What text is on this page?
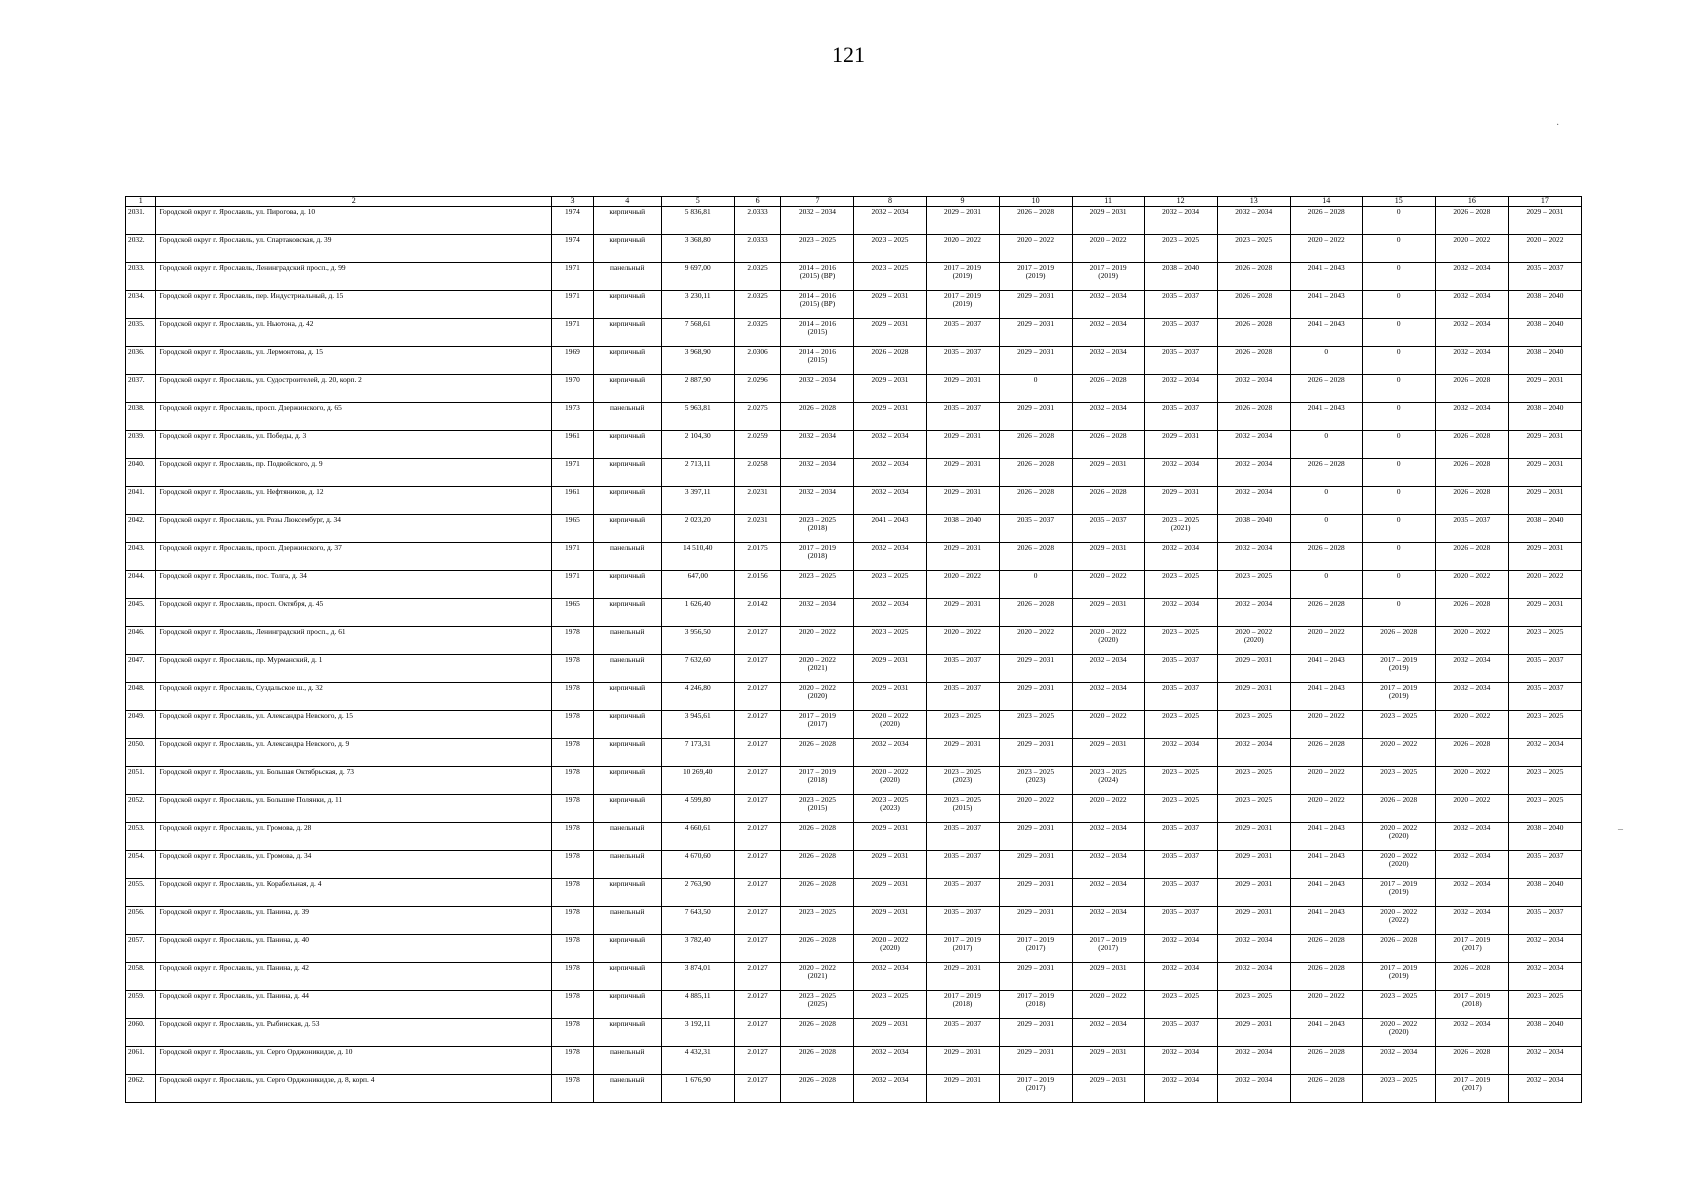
121
·
–
1	2	3	4	5	6	7	8	9	10	11	12	13	14	15	16	17

2031.	Городской округ г. Ярославль, ул. Пирогова, д. 10	1974	кирпичный	5 836,81	2.0333	2032 – 2034	2032 – 2034	2029 – 2031	2026 – 2028	2029 – 2031	2032 – 2034	2032 – 2034	2026 – 2028	0	2026 – 2028	2029 – 2031

2032.	Городской округ г. Ярославль, ул. Спартаковская, д. 39	1974	кирпичный	3 368,80	2.0333	2023 – 2025	2023 – 2025	2020 – 2022	2020 – 2022	2020 – 2022	2023 – 2025	2023 – 2025	2020 – 2022	0	2020 – 2022	2020 – 2022

2033.	Городской округ г. Ярославль, Ленинградский просп., д. 99	1971	панельный	9 697,00	2.0325	2014 – 2016
(2015) (ВР)	2023 – 2025	2017 – 2019
(2019)	2017 – 2019
(2019)	2017 – 2019
(2019)	2038 – 2040	2026 – 2028	2041 – 2043	0	2032 – 2034	2035 – 2037

2034.	Городской округ г. Ярославль, пер. Индустриальный, д. 15	1971	кирпичный	3 230,11	2.0325	2014 – 2016
(2015) (ВР)	2029 – 2031	2017 – 2019
(2019)	2029 – 2031	2032 – 2034	2035 – 2037	2026 – 2028	2041 – 2043	0	2032 – 2034	2038 – 2040

2035.	Городской округ г. Ярославль, ул. Ньютона, д. 42	1971	кирпичный	7 568,61	2.0325	2014 – 2016
(2015)	2029 – 2031	2035 – 2037	2029 – 2031	2032 – 2034	2035 – 2037	2026 – 2028	2041 – 2043	0	2032 – 2034	2038 – 2040

2036.	Городской округ г. Ярославль, ул. Лермонтова, д. 15	1969	кирпичный	3 968,90	2.0306	2014 – 2016
(2015)	2026 – 2028	2035 – 2037	2029 – 2031	2032 – 2034	2035 – 2037	2026 – 2028	0	0	2032 – 2034	2038 – 2040

2037.	Городской округ г. Ярославль, ул. Судостроителей, д. 20, корп. 2	1970	кирпичный	2 887,90	2.0296	2032 – 2034	2029 – 2031	2029 – 2031	0	2026 – 2028	2032 – 2034	2032 – 2034	2026 – 2028	0	2026 – 2028	2029 – 2031

2038.	Городской округ г. Ярославль, просп. Дзержинского, д. 65	1973	панельный	5 963,81	2.0275	2026 – 2028	2029 – 2031	2035 – 2037	2029 – 2031	2032 – 2034	2035 – 2037	2026 – 2028	2041 – 2043	0	2032 – 2034	2038 – 2040

2039.	Городской округ г. Ярославль, ул. Победы, д. 3	1961	кирпичный	2 104,30	2.0259	2032 – 2034	2032 – 2034	2029 – 2031	2026 – 2028	2026 – 2028	2029 – 2031	2032 – 2034	0	0	2026 – 2028	2029 – 2031

2040.	Городской округ г. Ярославль, пр. Подвойского, д. 9	1971	кирпичный	2 713,11	2.0258	2032 – 2034	2032 – 2034	2029 – 2031	2026 – 2028	2029 – 2031	2032 – 2034	2032 – 2034	2026 – 2028	0	2026 – 2028	2029 – 2031

2041.	Городской округ г. Ярославль, ул. Нефтяников, д. 12	1961	кирпичный	3 397,11	2.0231	2032 – 2034	2032 – 2034	2029 – 2031	2026 – 2028	2026 – 2028	2029 – 2031	2032 – 2034	0	0	2026 – 2028	2029 – 2031

2042.	Городской округ г. Ярославль, ул. Розы Люксембург, д. 34	1965	кирпичный	2 023,20	2.0231	2023 – 2025
(2018)	2041 – 2043	2038 – 2040	2035 – 2037	2035 – 2037	2023 – 2025
(2021)	2038 – 2040	0	0	2035 – 2037	2038 – 2040

2043.	Городской округ г. Ярославль, просп. Дзержинского, д. 37	1971	панельный	14 510,40	2.0175	2017 – 2019
(2018)	2032 – 2034	2029 – 2031	2026 – 2028	2029 – 2031	2032 – 2034	2032 – 2034	2026 – 2028	0	2026 – 2028	2029 – 2031

2044.	Городской округ г. Ярославль, пос. Толга, д. 34	1971	кирпичный	647,00	2.0156	2023 – 2025	2023 – 2025	2020 – 2022	0	2020 – 2022	2023 – 2025	2023 – 2025	0	0	2020 – 2022	2020 – 2022

2045.	Городской округ г. Ярославль, просп. Октября, д. 45	1965	кирпичный	1 626,40	2.0142	2032 – 2034	2032 – 2034	2029 – 2031	2026 – 2028	2029 – 2031	2032 – 2034	2032 – 2034	2026 – 2028	0	2026 – 2028	2029 – 2031

2046.	Городской округ г. Ярославль, Ленинградский просп., д. 61	1978	панельный	3 956,50	2.0127	2020 – 2022	2023 – 2025	2020 – 2022	2020 – 2022	2020 – 2022
(2020)	2023 – 2025	2020 – 2022
(2020)	2020 – 2022	2026 – 2028	2020 – 2022	2023 – 2025

2047.	Городской округ г. Ярославль, пр. Мурманский, д. 1	1978	панельный	7 632,60	2.0127	2020 – 2022
(2021)	2029 – 2031	2035 – 2037	2029 – 2031	2032 – 2034	2035 – 2037	2029 – 2031	2041 – 2043	2017 – 2019
(2019)	2032 – 2034	2035 – 2037

2048.	Городской округ г. Ярославль, Суздальское ш., д. 32	1978	кирпичный	4 246,80	2.0127	2020 – 2022
(2020)	2029 – 2031	2035 – 2037	2029 – 2031	2032 – 2034	2035 – 2037	2029 – 2031	2041 – 2043	2017 – 2019
(2019)	2032 – 2034	2035 – 2037

2049.	Городской округ г. Ярославль, ул. Александра Невского, д. 15	1978	кирпичный	3 945,61	2.0127	2017 – 2019
(2017)	2020 – 2022
(2020)	2023 – 2025	2023 – 2025	2020 – 2022	2023 – 2025	2023 – 2025	2020 – 2022	2023 – 2025	2020 – 2022	2023 – 2025

2050.	Городской округ г. Ярославль, ул. Александра Невского, д. 9	1978	кирпичный	7 173,31	2.0127	2026 – 2028	2032 – 2034	2029 – 2031	2029 – 2031	2029 – 2031	2032 – 2034	2032 – 2034	2026 – 2028	2020 – 2022	2026 – 2028	2032 – 2034

2051.	Городской округ г. Ярославль, ул. Большая Октябрьская, д. 73	1978	кирпичный	10 269,40	2.0127	2017 – 2019
(2018)	2020 – 2022
(2020)	2023 – 2025
(2023)	2023 – 2025
(2023)	2023 – 2025
(2024)	2023 – 2025	2023 – 2025	2020 – 2022	2023 – 2025	2020 – 2022	2023 – 2025

2052.	Городской округ г. Ярославль, ул. Большие Полянки, д. 11	1978	кирпичный	4 599,80	2.0127	2023 – 2025
(2015)	2023 – 2025
(2023)	2023 – 2025
(2015)	2020 – 2022	2020 – 2022	2023 – 2025	2023 – 2025	2020 – 2022	2026 – 2028	2020 – 2022	2023 – 2025

2053.	Городской округ г. Ярославль, ул. Громова, д. 28	1978	панельный	4 660,61	2.0127	2026 – 2028	2029 – 2031	2035 – 2037	2029 – 2031	2032 – 2034	2035 – 2037	2029 – 2031	2041 – 2043	2020 – 2022
(2020)	2032 – 2034	2038 – 2040

2054.	Городской округ г. Ярославль, ул. Громова, д. 34	1978	панельный	4 670,60	2.0127	2026 – 2028	2029 – 2031	2035 – 2037	2029 – 2031	2032 – 2034	2035 – 2037	2029 – 2031	2041 – 2043	2020 – 2022
(2020)	2032 – 2034	2035 – 2037

2055.	Городской округ г. Ярославль, ул. Корабельная, д. 4	1978	кирпичный	2 763,90	2.0127	2026 – 2028	2029 – 2031	2035 – 2037	2029 – 2031	2032 – 2034	2035 – 2037	2029 – 2031	2041 – 2043	2017 – 2019
(2019)	2032 – 2034	2038 – 2040

2056.	Городской округ г. Ярославль, ул. Панина, д. 39	1978	панельный	7 643,50	2.0127	2023 – 2025	2029 – 2031	2035 – 2037	2029 – 2031	2032 – 2034	2035 – 2037	2029 – 2031	2041 – 2043	2020 – 2022
(2022)	2032 – 2034	2035 – 2037

2057.	Городской округ г. Ярославль, ул. Панина, д. 40	1978	кирпичный	3 782,40	2.0127	2026 – 2028	2020 – 2022
(2020)	2017 – 2019
(2017)	2017 – 2019
(2017)	2017 – 2019
(2017)	2032 – 2034	2032 – 2034	2026 – 2028	2026 – 2028	2017 – 2019
(2017)	2032 – 2034

2058.	Городской округ г. Ярославль, ул. Панина, д. 42	1978	кирпичный	3 874,01	2.0127	2020 – 2022
(2021)	2032 – 2034	2029 – 2031	2029 – 2031	2029 – 2031	2032 – 2034	2032 – 2034	2026 – 2028	2017 – 2019
(2019)	2026 – 2028	2032 – 2034

2059.	Городской округ г. Ярославль, ул. Панина, д. 44	1978	кирпичный	4 885,11	2.0127	2023 – 2025
(2025)	2023 – 2025	2017 – 2019
(2018)	2017 – 2019
(2018)	2020 – 2022	2023 – 2025	2023 – 2025	2020 – 2022	2023 – 2025	2017 – 2019
(2018)	2023 – 2025

2060.	Городской округ г. Ярославль, ул. Рыбинская, д. 53	1978	кирпичный	3 192,11	2.0127	2026 – 2028	2029 – 2031	2035 – 2037	2029 – 2031	2032 – 2034	2035 – 2037	2029 – 2031	2041 – 2043	2020 – 2022
(2020)	2032 – 2034	2038 – 2040

2061.	Городской округ г. Ярославль, ул. Серго Орджоникидзе, д. 10	1978	панельный	4 432,31	2.0127	2026 – 2028	2032 – 2034	2029 – 2031	2029 – 2031	2029 – 2031	2032 – 2034	2032 – 2034	2026 – 2028	2032 – 2034	2026 – 2028	2032 – 2034

2062.	Городской округ г. Ярославль, ул. Серго Орджоникидзе, д. 8, корп. 4	1978	панельный	1 676,90	2.0127	2026 – 2028	2032 – 2034	2029 – 2031	2017 – 2019
(2017)	2029 – 2031	2032 – 2034	2032 – 2034	2026 – 2028	2023 – 2025	2017 – 2019
(2017)	2032 – 2034
